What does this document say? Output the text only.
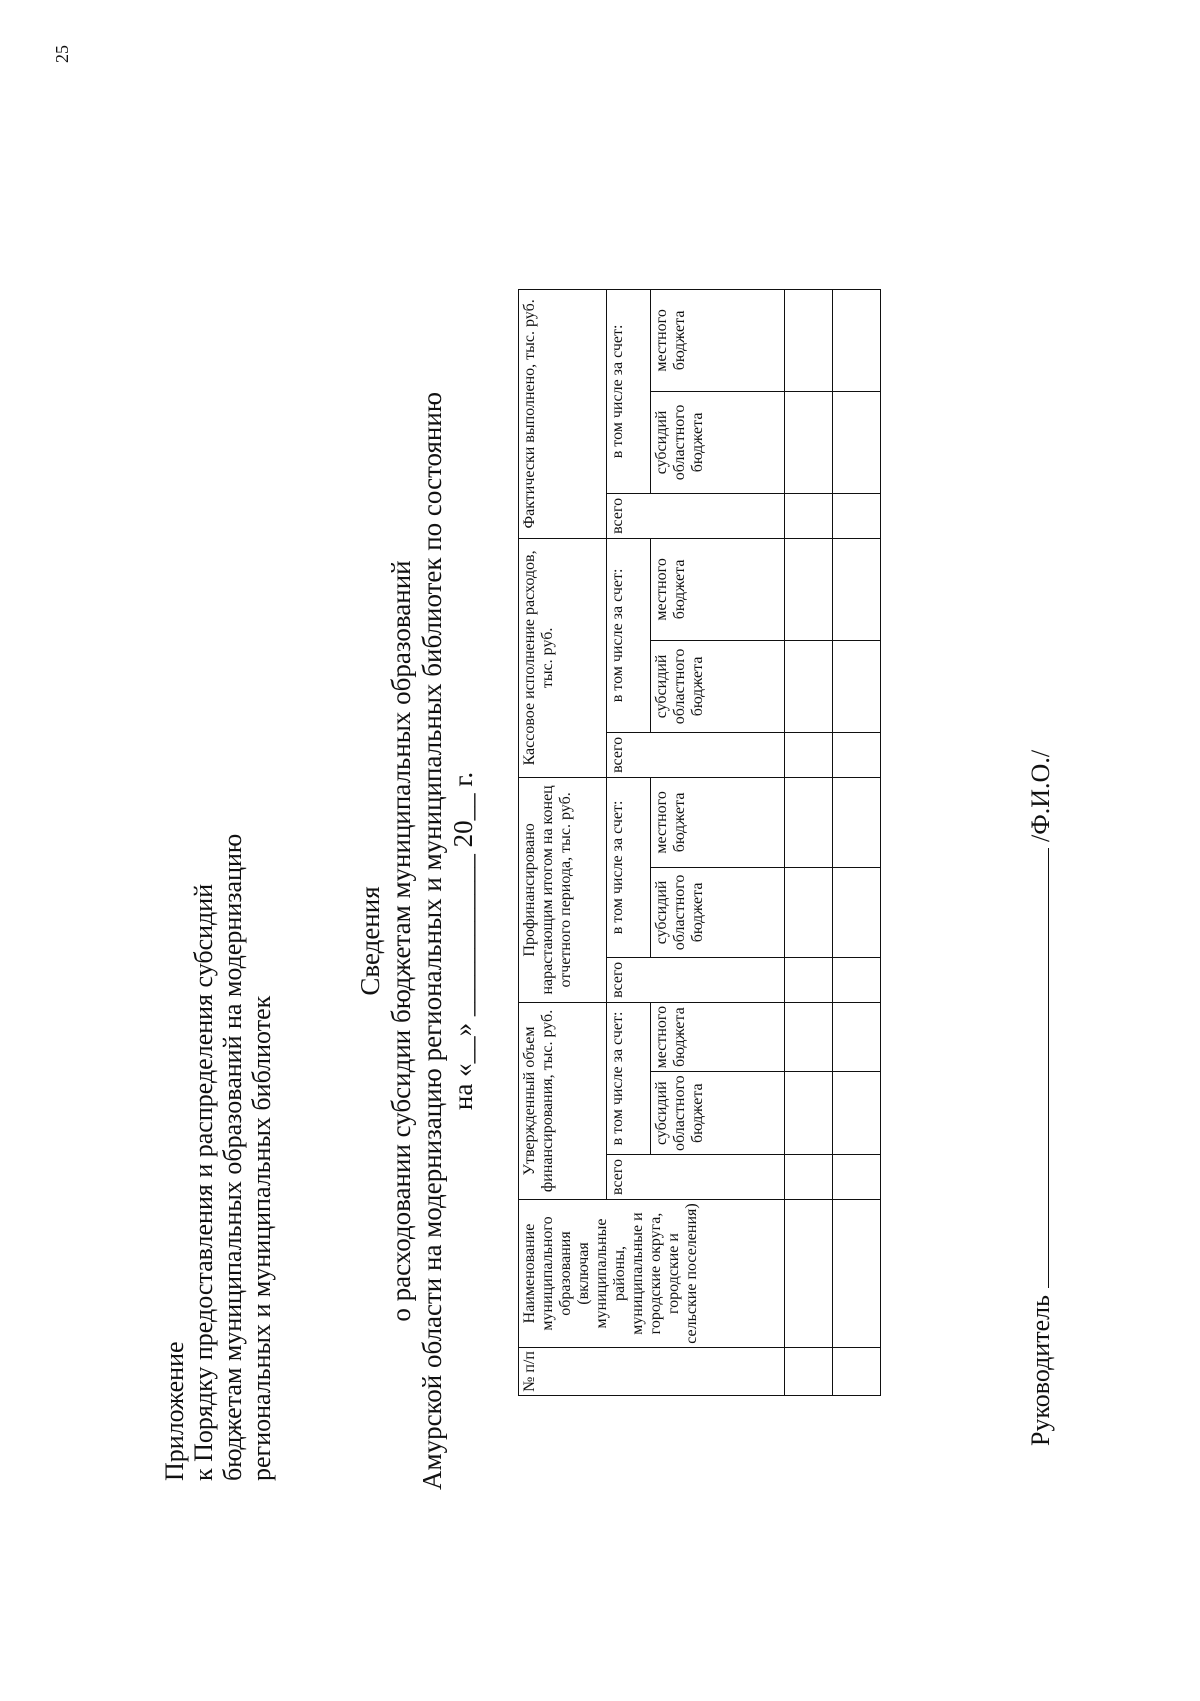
25
Приложение к Порядку предоставления и распределения субсидий бюджетам муниципальных образований на модернизацию региональных и муниципальных библиотек
Сведения о расходовании субсидии бюджетам муниципальных образований Амурской области на модернизацию региональных и муниципальных библиотек по состоянию на «__» ____________ 20__ г.
№ п/п	Наименование муниципального образования (включая муниципальные районы, муниципальные и городские округа, городские и сельские поселения)	Утвержденный объем финансирования, тыс. руб.			Профинансировано нарастающим итогом на конец отчетного периода, тыс. руб.			Кассовое исполнение расходов, тыс. руб.			Фактически выполнено, тыс. руб.		
		всего	в том числе за счет:		всего	в том числе за счет:		всего	в том числе за счет:		всего	в том числе за счет:	
			субсидий областного бюджета	местного бюджета		субсидий областного бюджета	местного бюджета		субсидий областного бюджета	местного бюджета		субсидий областного бюджета	местного бюджета

Руководитель  /Ф.И.О./
